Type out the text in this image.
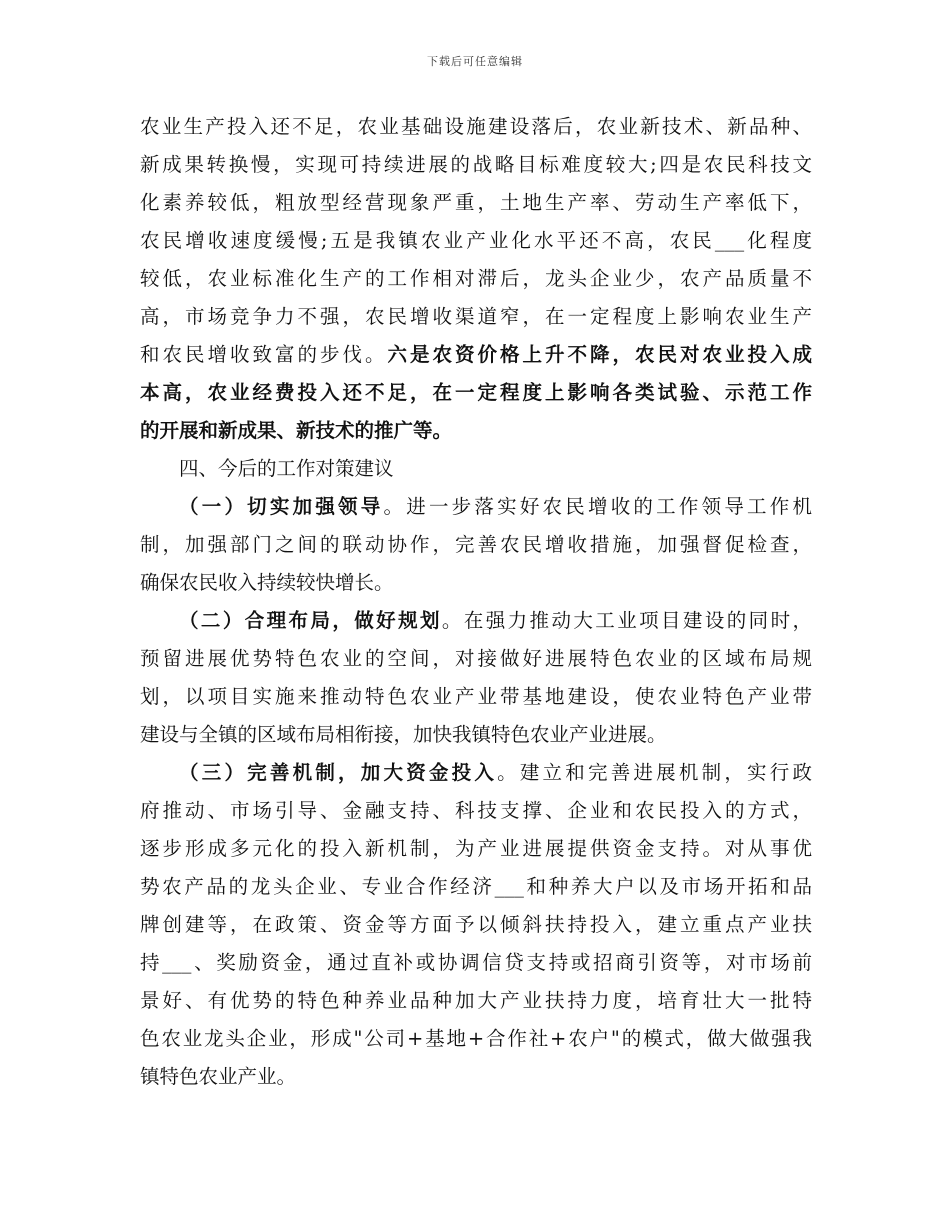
下载后可任意编辑
农业生产投入还不足，农业基础设施建设落后，农业新技术、新品种、
新成果转换慢，实现可持续进展的战略目标难度较大;四是农民科技文
化素养较低，粗放型经营现象严重，土地生产率、劳动生产率低下，
农民增收速度缓慢;五是我镇农业产业化水平还不高，农民___化程度
较低，农业标准化生产的工作相对滞后，龙头企业少，农产品质量不
高，市场竞争力不强，农民增收渠道窄，在一定程度上影响农业生产
和农民增收致富的步伐。六是农资价格上升不降，农民对农业投入成
本高，农业经费投入还不足，在一定程度上影响各类试验、示范工作
的开展和新成果、新技术的推广等。
四、今后的工作对策建议
（一）切实加强领导。进一步落实好农民增收的工作领导工作机
制，加强部门之间的联动协作，完善农民增收措施，加强督促检查，
确保农民收入持续较快增长。
（二）合理布局，做好规划。在强力推动大工业项目建设的同时，
预留进展优势特色农业的空间，对接做好进展特色农业的区域布局规
划，以项目实施来推动特色农业产业带基地建设，使农业特色产业带
建设与全镇的区域布局相衔接，加快我镇特色农业产业进展。
（三）完善机制，加大资金投入。建立和完善进展机制，实行政
府推动、市场引导、金融支持、科技支撑、企业和农民投入的方式，
逐步形成多元化的投入新机制，为产业进展提供资金支持。对从事优
势农产品的龙头企业、专业合作经济___和种养大户以及市场开拓和品
牌创建等，在政策、资金等方面予以倾斜扶持投入，建立重点产业扶
持___、奖励资金，通过直补或协调信贷支持或招商引资等，对市场前
景好、有优势的特色种养业品种加大产业扶持力度，培育壮大一批特
色农业龙头企业，形成"公司+基地+合作社+农户"的模式，做大做强我
镇特色农业产业。
